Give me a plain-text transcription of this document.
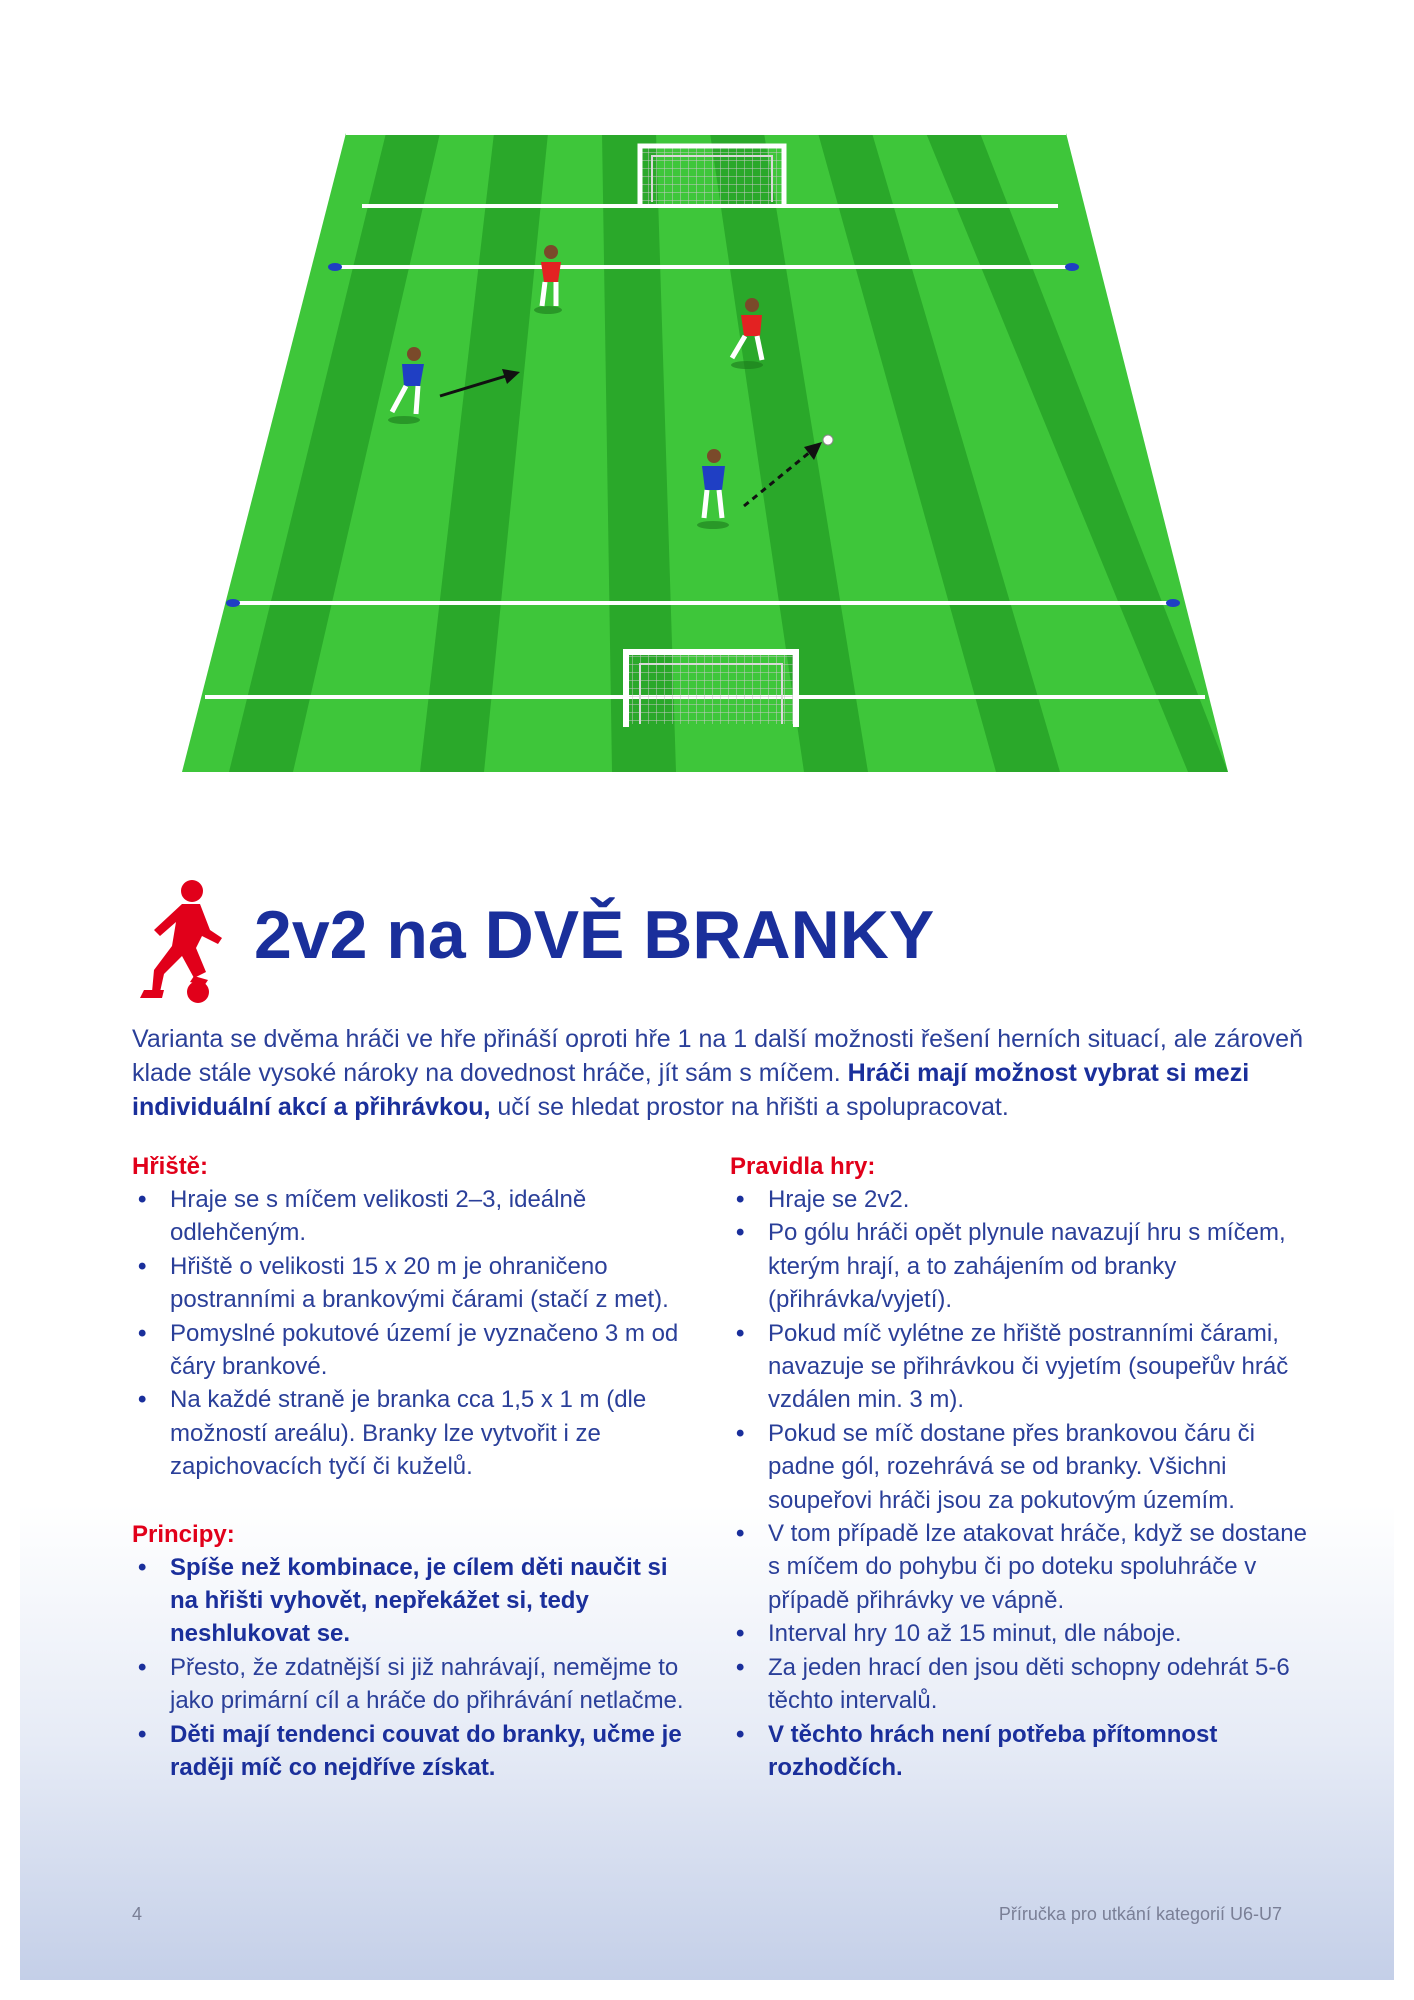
2v2 na DVĚ BRANKY

Varianta se dvěma hráči ve hře přináší oproti hře 1 na 1 další možnosti řešení herních situací, ale zároveň klade stále vysoké nároky na dovednost hráče, jít sám s míčem. Hráči mají možnost vybrat si mezi individuální akcí a přihrávkou, učí se hledat prostor na hřišti a spolupracovat.

Hřiště:
• Hraje se s míčem velikosti 2–3, ideálně odlehčeným.
• Hřiště o velikosti 15 x 20 m je ohraničeno postranními a brankovými čárami (stačí z met).
• Pomyslné pokutové území je vyznačeno 3 m od čáry brankové.
• Na každé straně je branka cca 1,5 x 1 m (dle možností areálu). Branky lze vytvořit i ze zapichovacích tyčí či kuželů.
Principy:
• Spíše než kombinace, je cílem děti naučit si na hřišti vyhovět, nepřekážet si, tedy neshlukovat se.
• Přesto, že zdatnější si již nahrávají, nemějme to jako primární cíl a hráče do přihrávání netlačme.
• Děti mají tendenci couvat do branky, učme je raději míč co nejdříve získat.
Pravidla hry:
• Hraje se 2v2.
• Po gólu hráči opět plynule navazují hru s míčem, kterým hrají, a to zahájením od branky (přihrávka/vyjetí).
• Pokud míč vylétne ze hřiště postranními čárami, navazuje se přihrávkou či vyjetím (soupeřův hráč vzdálen min. 3 m).
• Pokud se míč dostane přes brankovou čáru či padne gól, rozehrává se od branky. Všichni soupeřovi hráči jsou za pokutovým územím.
• V tom případě lze atakovat hráče, když se dostane s míčem do pohybu či po doteku spoluhráče v případě přihrávky ve vápně.
• Interval hry 10 až 15 minut, dle náboje.
• Za jeden hrací den jsou děti schopny odehrát 5-6 těchto intervalů.
• V těchto hrách není potřeba přítomnost rozhodčích.
4	Příručka pro utkání kategorií U6-U7
